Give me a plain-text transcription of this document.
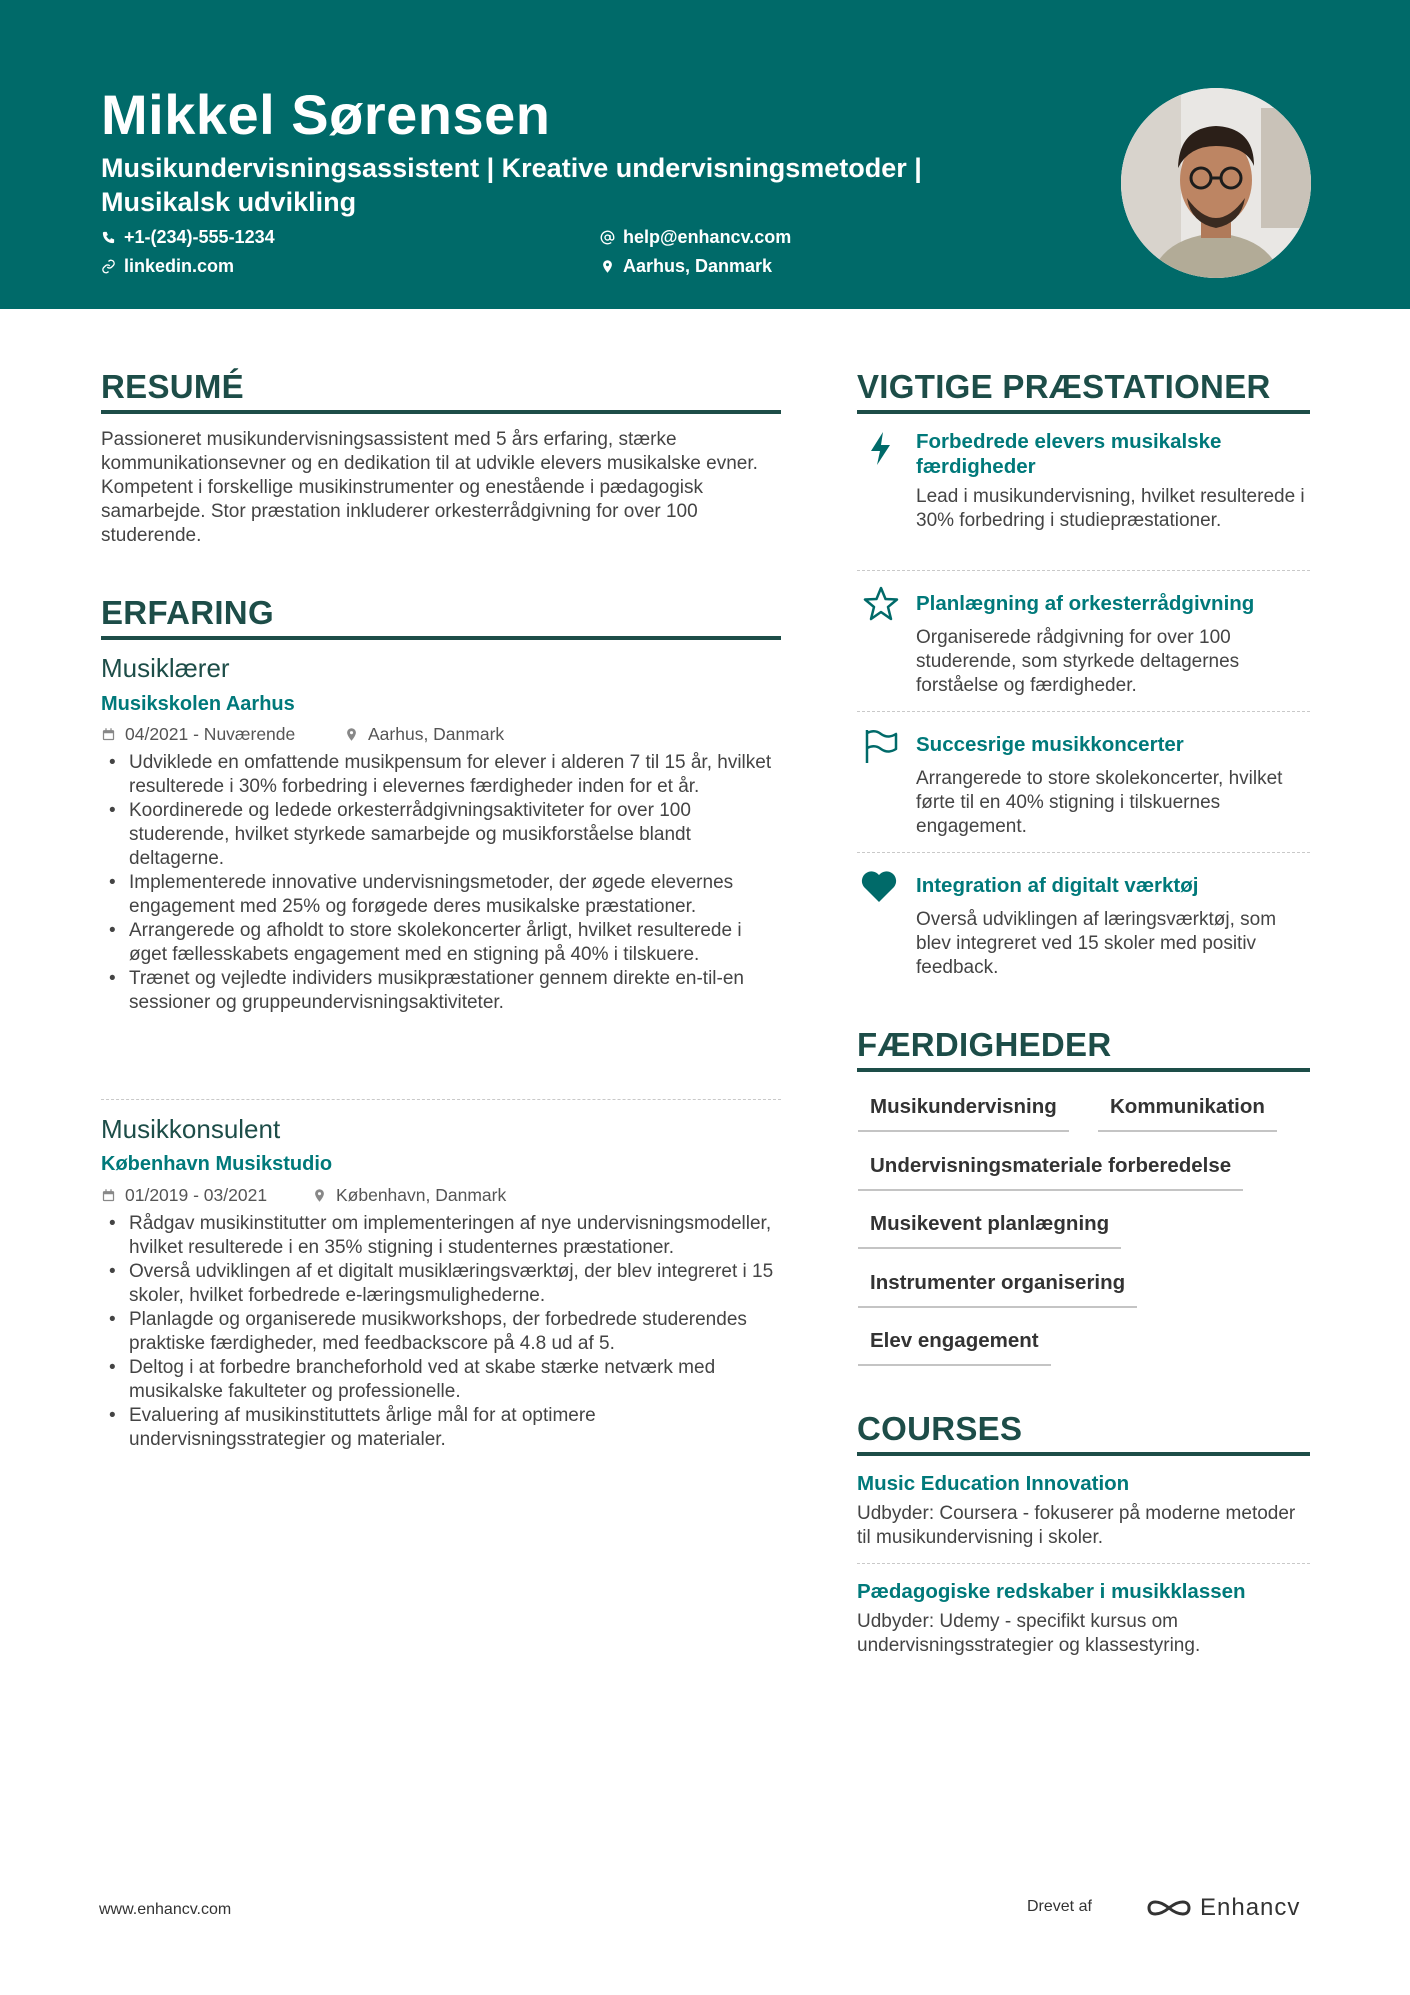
Mikkel Sørensen
Musikundervisningsassistent | Kreative undervisningsmetoder | Musikalsk udvikling
+1-(234)-555-1234	help@enhancv.com
linkedin.com	Aarhus, Danmark
RESUMÉ
Passioneret musikundervisningsassistent med 5 års erfaring, stærke kommunikationsevner og en dedikation til at udvikle elevers musikalske evner. Kompetent i forskellige musikinstrumenter og enestående i pædagogisk samarbejde. Stor præstation inkluderer orkesterrådgivning for over 100 studerende.
ERFARING
Musiklærer
Musikskolen Aarhus
04/2021 - Nuværende	Aarhus, Danmark
• Udviklede en omfattende musikpensum for elever i alderen 7 til 15 år, hvilket resulterede i 30% forbedring i elevernes færdigheder inden for et år.
• Koordinerede og ledede orkesterrådgivningsaktiviteter for over 100 studerende, hvilket styrkede samarbejde og musikforståelse blandt deltagerne.
• Implementerede innovative undervisningsmetoder, der øgede elevernes engagement med 25% og forøgede deres musikalske præstationer.
• Arrangerede og afholdt to store skolekoncerter årligt, hvilket resulterede i øget fællesskabets engagement med en stigning på 40% i tilskuere.
• Trænet og vejledte individers musikpræstationer gennem direkte en-til-en sessioner og gruppeundervisningsaktiviteter.
Musikkonsulent
København Musikstudio
01/2019 - 03/2021	København, Danmark
• Rådgav musikinstitutter om implementeringen af nye undervisningsmodeller, hvilket resulterede i en 35% stigning i studenternes præstationer.
• Overså udviklingen af et digitalt musiklæringsværktøj, der blev integreret i 15 skoler, hvilket forbedrede e-læringsmulighederne.
• Planlagde og organiserede musikworkshops, der forbedrede studerendes praktiske færdigheder, med feedbackscore på 4.8 ud af 5.
• Deltog i at forbedre brancheforhold ved at skabe stærke netværk med musikalske fakulteter og professionelle.
• Evaluering af musikinstituttets årlige mål for at optimere undervisningsstrategier og materialer.
VIGTIGE PRÆSTATIONER
Forbedrede elevers musikalske færdigheder
Lead i musikundervisning, hvilket resulterede i 30% forbedring i studiepræstationer.
Planlægning af orkesterrådgivning
Organiserede rådgivning for over 100 studerende, som styrkede deltagernes forståelse og færdigheder.
Succesrige musikkoncerter
Arrangerede to store skolekoncerter, hvilket førte til en 40% stigning i tilskuernes engagement.
Integration af digitalt værktøj
Overså udviklingen af læringsværktøj, som blev integreret ved 15 skoler med positiv feedback.
FÆRDIGHEDER
Musikundervisning	Kommunikation
Undervisningsmateriale forberedelse
Musikevent planlægning
Instrumenter organisering
Elev engagement
COURSES
Music Education Innovation
Udbyder: Coursera - fokuserer på moderne metoder til musikundervisning i skoler.
Pædagogiske redskaber i musikklassen
Udbyder: Udemy - specifikt kursus om undervisningsstrategier og klassestyring.
www.enhancv.com	Drevet af	Enhancv
